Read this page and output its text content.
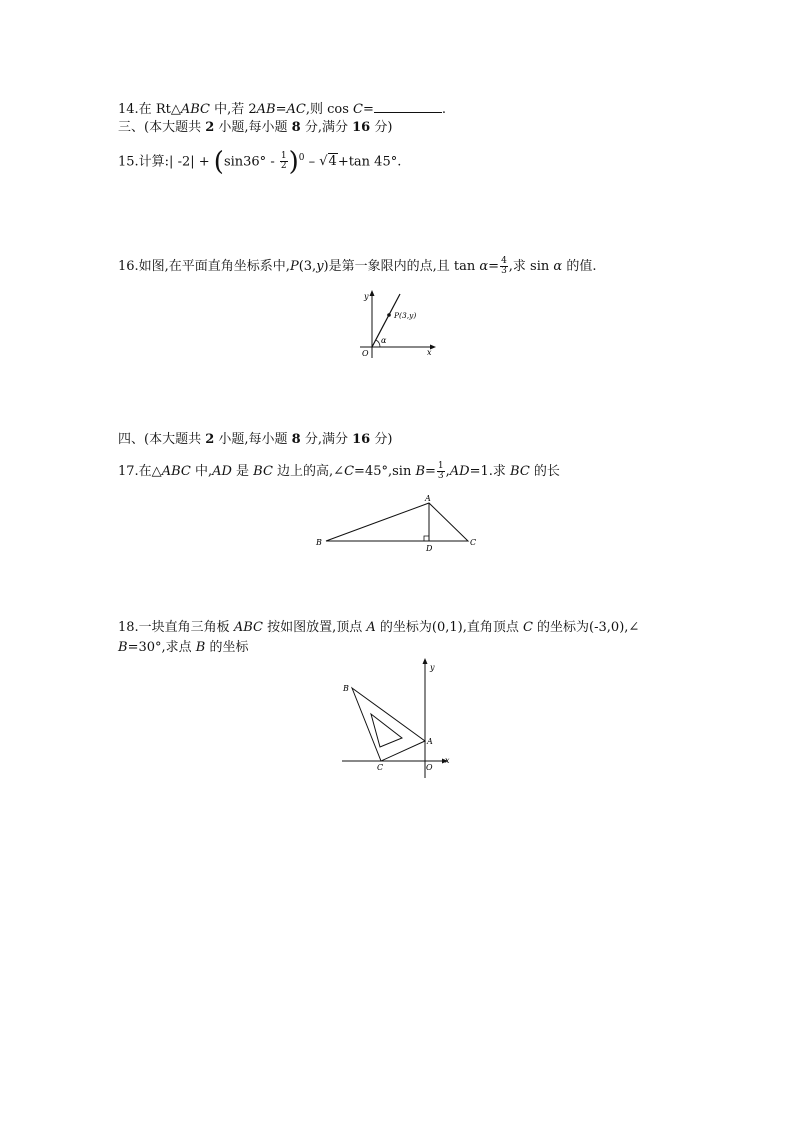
14.在 Rt△ABC 中,若 2AB=AC,则 cos C=	.
三、(本大题共 2 小题,每小题 8 分,满分 16 分)
15.计算:| $-2| + (\sin 36^\circ - \frac{1}{2} )^0 - √4+\tan$ 45°.
16.如图,在平面直角坐标系中,P(3,y)是第一象限内的点,且 $\tan \alpha= \frac{4}{3}$ ,求 sin α 的值.
y
x
O
α
P(3,y)
四、(本大题共 2 小题,每小题 8 分,满分 16 分)
17.在△ABC 中,AD 是 BC 边上的高,∠C=45°,sin $B= \frac{1}{3} ,AD=1$.求 BC 的长
A
B	C
D
18.一块直角三角板 ABC 按如图放置,顶点 A 的坐标为(0,1),直角顶点 C 的坐标为(-3,0),∠
B=30°,求点 B 的坐标
y
x
O
A
B
C
